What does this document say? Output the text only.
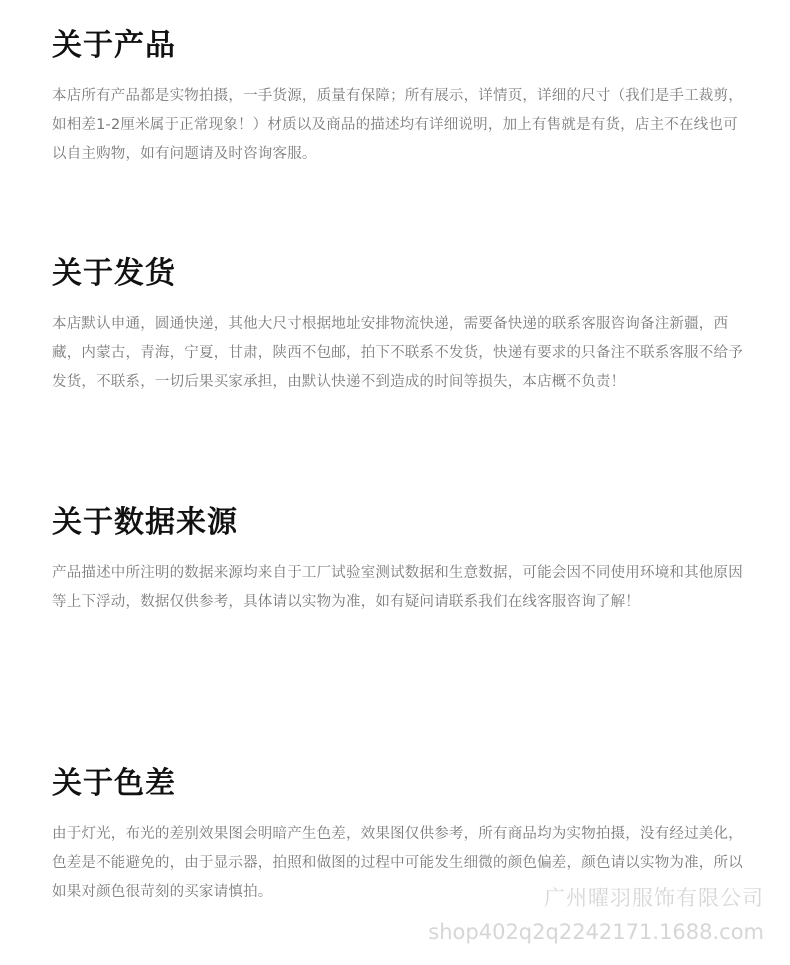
关于产品

本店所有产品都是实物拍摄，一手货源，质量有保障；所有展示，详情页，详细的尺寸（我们是手工裁剪，如相差1-2厘米属于正常现象！）材质以及商品的描述均有详细说明，加上有售就是有货，店主不在线也可以自主购物，如有问题请及时咨询客服。

关于发货

本店默认申通，圆通快递，其他大尺寸根据地址安排物流快递，需要备快递的联系客服咨询备注新疆，西藏，内蒙古，青海，宁夏，甘肃，陕西不包邮，拍下不联系不发货，快递有要求的只备注不联系客服不给予发货，不联系，一切后果买家承担，由默认快递不到造成的时间等损失，本店概不负责！

关于数据来源

产品描述中所注明的数据来源均来自于工厂试验室测试数据和生意数据，可能会因不同使用环境和其他原因等上下浮动，数据仅供参考，具体请以实物为准，如有疑问请联系我们在线客服咨询了解！

关于色差

由于灯光，布光的差别效果图会明暗产生色差，效果图仅供参考，所有商品均为实物拍摄，没有经过美化，色差是不能避免的，由于显示器，拍照和做图的过程中可能发生细微的颜色偏差，颜色请以实物为准，所以如果对颜色很苛刻的买家请慎拍。	广州曜羽服饰有限公司
shop402q2q2242171.1688.com
